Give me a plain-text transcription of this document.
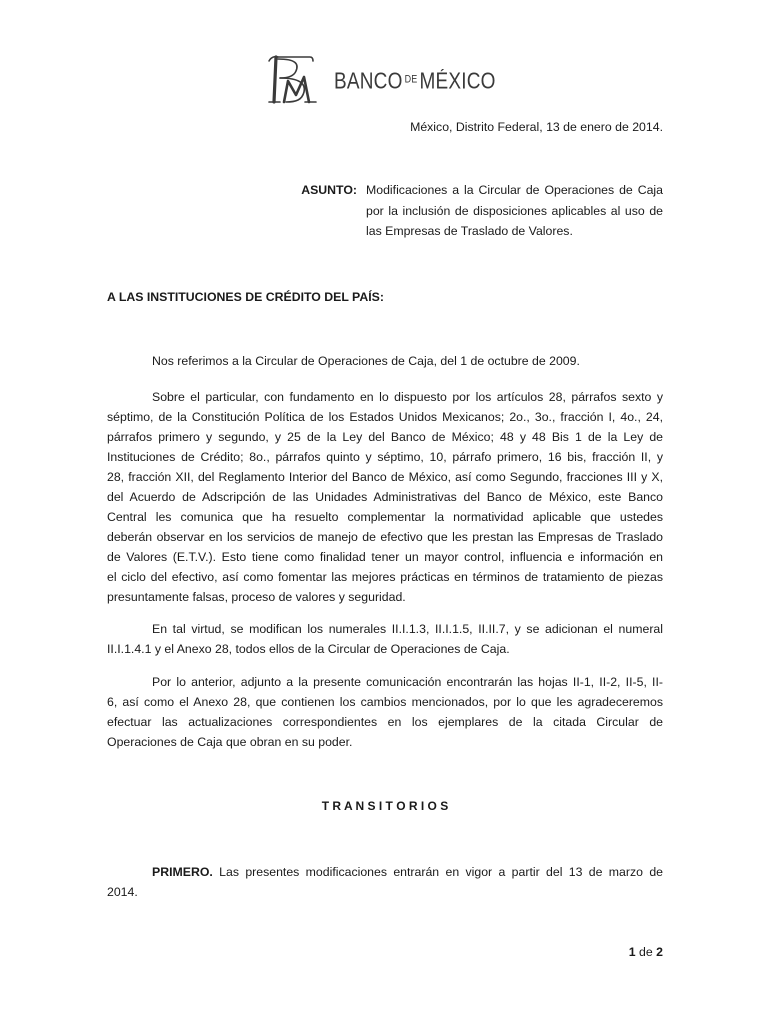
BANCO $^{DE}$ MÉXICO
México, Distrito Federal, 13 de enero de 2014.
ASUNTO: Modificaciones a la Circular de Operaciones de Caja
por la inclusión de disposiciones aplicables al uso de
las Empresas de Traslado de Valores.
A LAS INSTITUCIONES DE CRÉDITO DEL PAÍS:
Nos referimos a la Circular de Operaciones de Caja, del 1 de octubre de 2009.
Sobre el particular, con fundamento en lo dispuesto por los artículos 28, párrafos sexto y
séptimo, de la Constitución Política de los Estados Unidos Mexicanos; 2o., 3o., fracción I, 4o., 24,
párrafos primero y segundo, y 25 de la Ley del Banco de México; 48 y 48 Bis 1 de la Ley de
Instituciones de Crédito; 8o., párrafos quinto y séptimo, 10, párrafo primero, 16 bis, fracción II, y
28, fracción XII, del Reglamento Interior del Banco de México, así como Segundo, fracciones III y X,
del Acuerdo de Adscripción de las Unidades Administrativas del Banco de México, este Banco
Central les comunica que ha resuelto complementar la normatividad aplicable que ustedes
deberán observar en los servicios de manejo de efectivo que les prestan las Empresas de Traslado
de Valores (E.T.V.). Esto tiene como finalidad tener un mayor control, influencia e información en
el ciclo del efectivo, así como fomentar las mejores prácticas en términos de tratamiento de piezas
presuntamente falsas, proceso de valores y seguridad.
En tal virtud, se modifican los numerales II.I.1.3, II.I.1.5, II.II.7, y se adicionan el numeral
II.I.1.4.1 y el Anexo 28, todos ellos de la Circular de Operaciones de Caja.
Por lo anterior, adjunto a la presente comunicación encontrarán las hojas II-1, II-2, II-5, II-
6, así como el Anexo 28, que contienen los cambios mencionados, por lo que les agradeceremos
efectuar las actualizaciones correspondientes en los ejemplares de la citada Circular de
Operaciones de Caja que obran en su poder.
T R A N S I T O R I O S
PRIMERO. Las presentes modificaciones entrarán en vigor a partir del 13 de marzo de
2014.
1 de 2
